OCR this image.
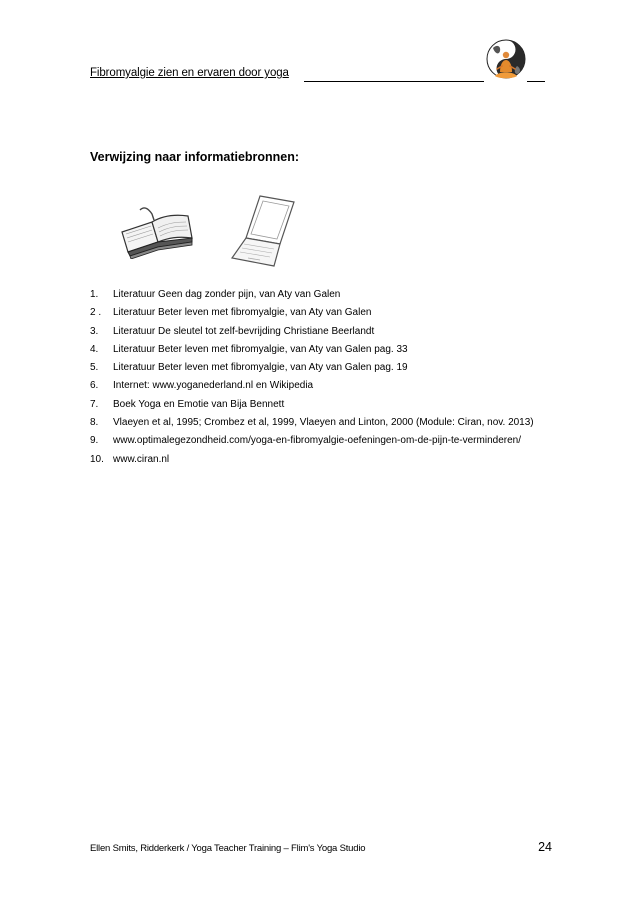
Fibromyalgie zien en ervaren door yoga
Verwijzing naar informatiebronnen:
1.	Literatuur Geen dag zonder pijn, van Aty van Galen
2 .	Literatuur Beter leven met fibromyalgie, van Aty van Galen
3.	Literatuur De sleutel tot zelf-bevrijding Christiane Beerlandt
4.	Literatuur Beter leven met fibromyalgie, van Aty van Galen pag. 33
5.	Literatuur Beter leven met fibromyalgie, van Aty van Galen pag. 19
6.	Internet: www.yoganederland.nl en Wikipedia
7.	Boek Yoga en Emotie van Bija Bennett
8.	Vlaeyen et al, 1995; Crombez et al, 1999, Vlaeyen and Linton, 2000 (Module: Ciran, nov. 2013)
9.	www.optimalegezondheid.com/yoga-en-fibromyalgie-oefeningen-om-de-pijn-te-verminderen/
10. www.ciran.nl
Ellen Smits, Ridderkerk / Yoga Teacher Training – Flim's Yoga Studio	24
